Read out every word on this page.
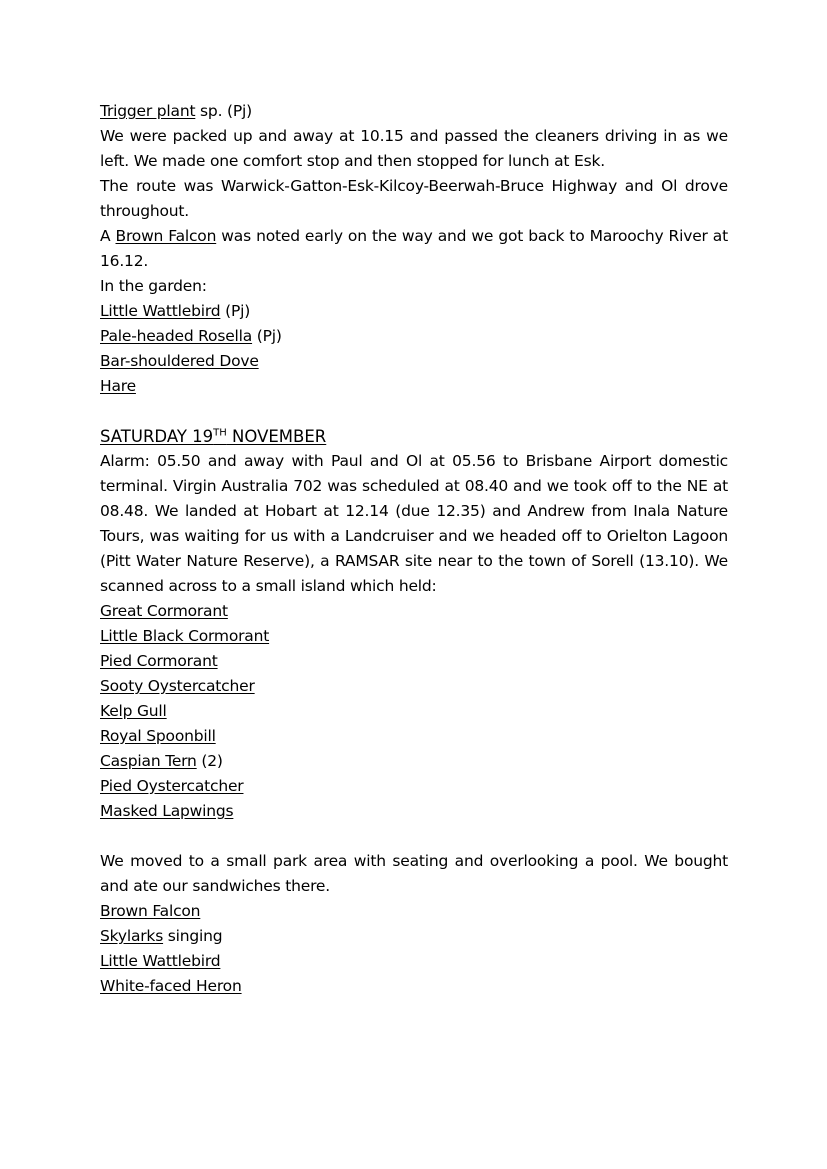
Trigger plant sp. (Pj)

We were packed up and away at 10.15 and passed the cleaners driving in as we left. We made one comfort stop and then stopped for lunch at Esk.

The route was Warwick-Gatton-Esk-Kilcoy-Beerwah-Bruce Highway and Ol drove throughout.

A Brown Falcon was noted early on the way and we got back to Maroochy River at 16.12.

In the garden:

Little Wattlebird (Pj)

Pale-headed Rosella (Pj)

Bar-shouldered Dove

Hare

SATURDAY 19TH NOVEMBER

Alarm: 05.50 and away with Paul and Ol at 05.56 to Brisbane Airport domestic terminal. Virgin Australia 702 was scheduled at 08.40 and we took off to the NE at 08.48. We landed at Hobart at 12.14 (due 12.35) and Andrew from Inala Nature Tours, was waiting for us with a Landcruiser and we headed off to Orielton Lagoon (Pitt Water Nature Reserve), a RAMSAR site near to the town of Sorell (13.10). We scanned across to a small island which held:

Great Cormorant

Little Black Cormorant

Pied Cormorant

Sooty Oystercatcher

Kelp Gull

Royal Spoonbill

Caspian Tern (2)

Pied Oystercatcher

Masked Lapwings

We moved to a small park area with seating and overlooking a pool. We bought and ate our sandwiches there.

Brown Falcon

Skylarks singing

Little Wattlebird

White-faced Heron
